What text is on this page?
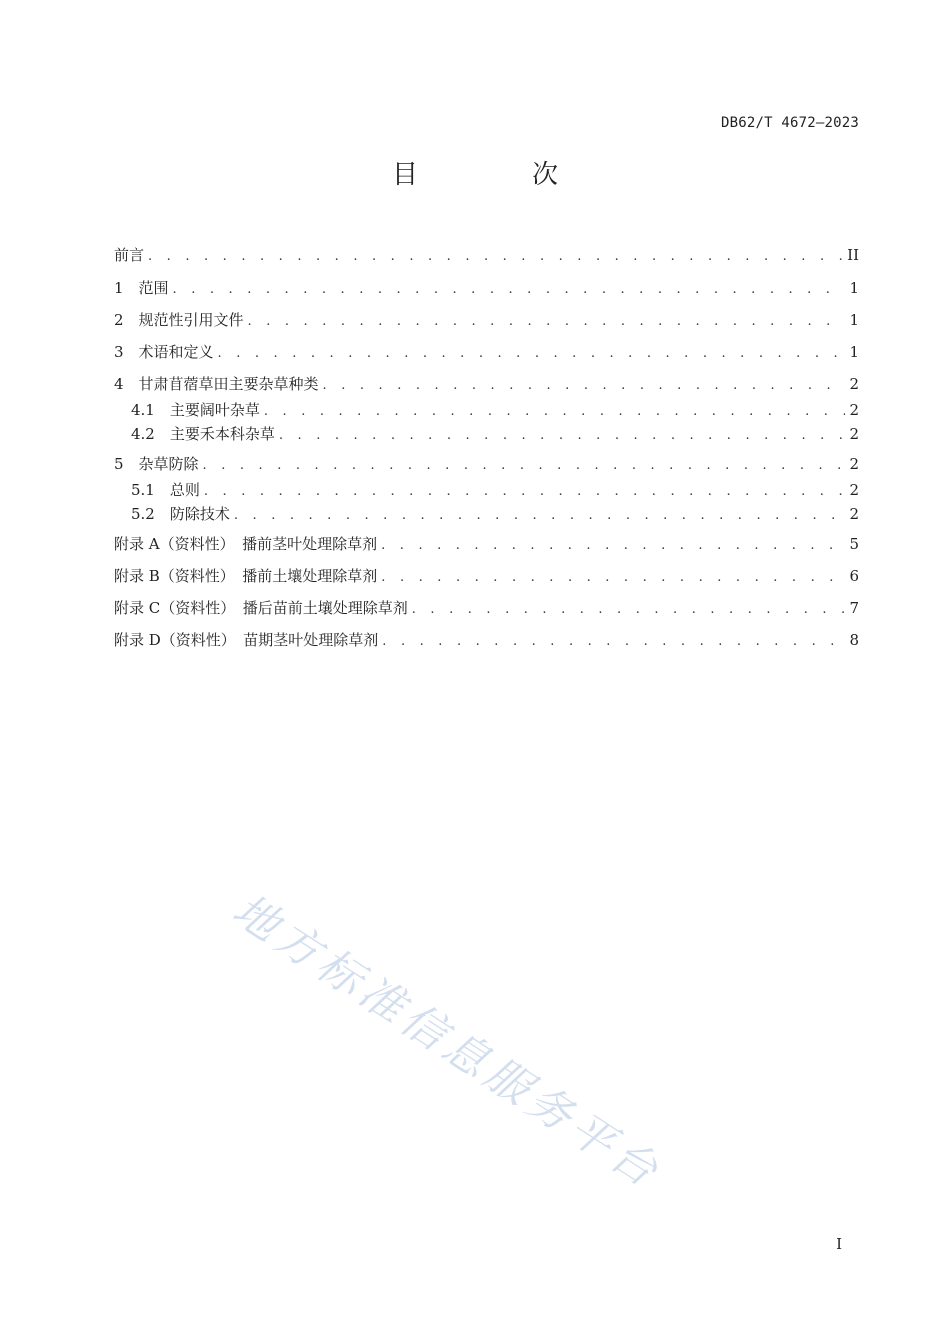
DB62/T 4672—2023
目　次
前言 . . .	II
1　范围 . . .	1
2　规范性引用文件 . . .	1
3　术语和定义 . . .	1
4　甘肃苜蓿草田主要杂草种类 . . .	2
4.1　主要阔叶杂草 . . .	2
4.2　主要禾本科杂草 . . .	2
5　杂草防除 . . .	2
5.1　总则 . . .	2
5.2　防除技术 . . .	2
附录 A（资料性）　播前茎叶处理除草剂 . . .	5
附录 B（资料性）　播前土壤处理除草剂 . . .	6
附录 C（资料性）　播后苗前土壤处理除草剂 . . .	7
附录 D（资料性）　苗期茎叶处理除草剂 . . .	8
地方标准信息服务平台
I
